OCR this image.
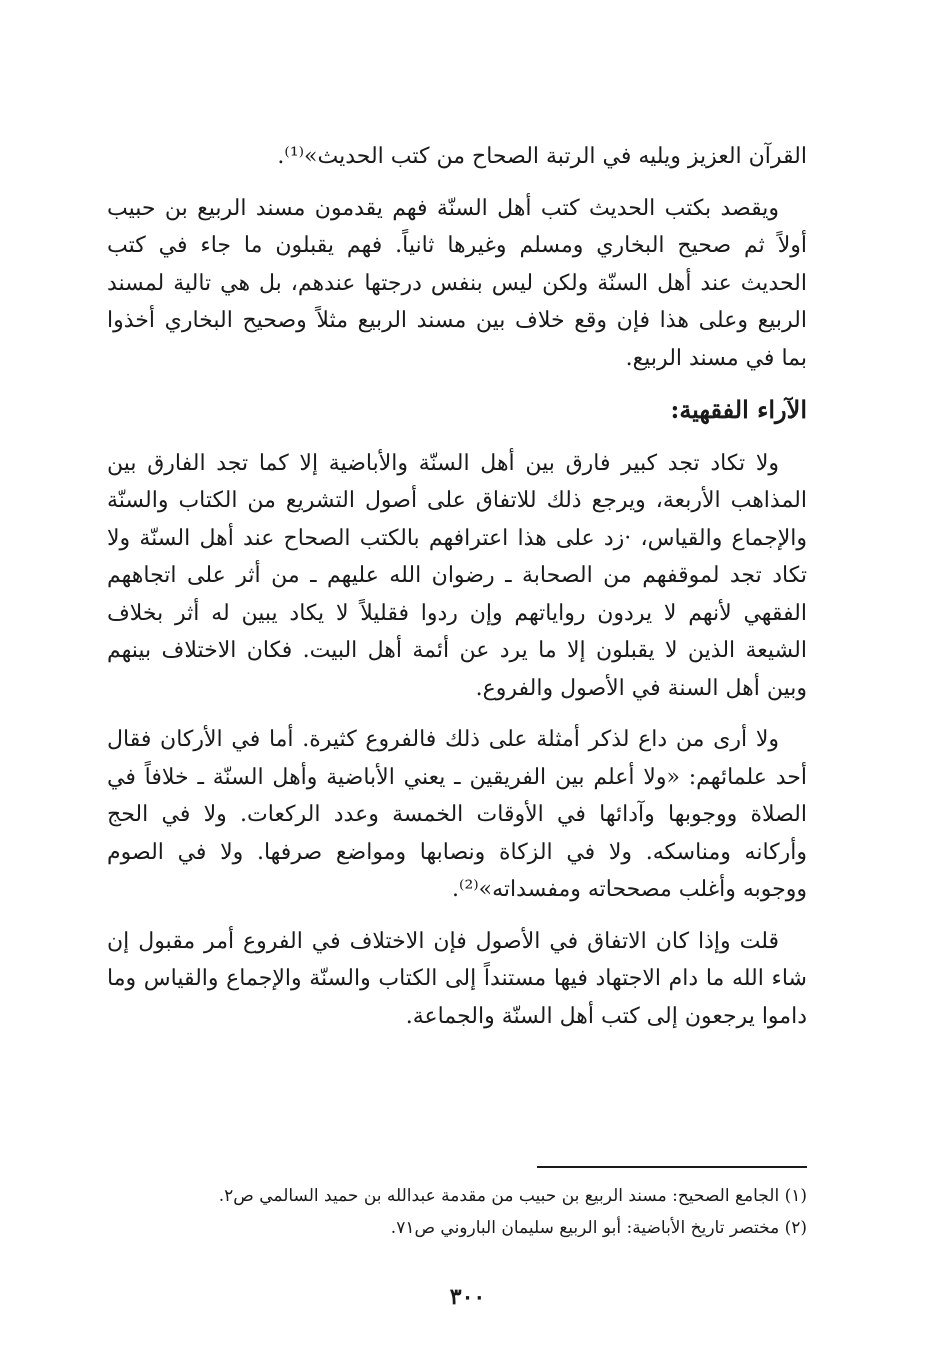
القرآن العزيز ويليه في الرتبة الصحاح من كتب الحديث»⁽¹⁾.

ويقصد بكتب الحديث كتب أهل السنّة فهم يقدمون مسند الربيع بن حبيب أولاً ثم صحيح البخاري ومسلم وغيرها ثانياً. فهم يقبلون ما جاء في كتب الحديث عند أهل السنّة ولكن ليس بنفس درجتها عندهم، بل هي تالية لمسند الربيع وعلى هذا فإن وقع خلاف بين مسند الربيع مثلاً وصحيح البخاري أخذوا بما في مسند الربيع.

الآراء الفقهية:

ولا تكاد تجد كبير فارق بين أهل السنّة والأباضية إلا كما تجد الفارق بين المذاهب الأربعة، ويرجع ذلك للاتفاق على أصول التشريع من الكتاب والسنّة والإجماع والقياس، ·زد على هذا اعترافهم بالكتب الصحاح عند أهل السنّة ولا تكاد تجد لموقفهم من الصحابة ـ رضوان الله عليهم ـ من أثر على اتجاههم الفقهي لأنهم لا يردون رواياتهم وإن ردوا فقليلاً لا يكاد يبين له أثر بخلاف الشيعة الذين لا يقبلون إلا ما يرد عن أئمة أهل البيت. فكان الاختلاف بينهم وبين أهل السنة في الأصول والفروع.

ولا أرى من داع لذكر أمثلة على ذلك فالفروع كثيرة. أما في الأركان فقال أحد علمائهم: «ولا أعلم بين الفريقين ـ يعني الأباضية وأهل السنّة ـ خلافاً في الصلاة ووجوبها وآدائها في الأوقات الخمسة وعدد الركعات. ولا في الحج وأركانه ومناسكه. ولا في الزكاة ونصابها ومواضع صرفها. ولا في الصوم ووجوبه وأغلب مصححاته ومفسداته»⁽²⁾.

قلت وإذا كان الاتفاق في الأصول فإن الاختلاف في الفروع أمر مقبول إن شاء الله ما دام الاجتهاد فيها مستنداً إلى الكتاب والسنّة والإجماع والقياس وما داموا يرجعون إلى كتب أهل السنّة والجماعة.

(١) الجامع الصحيح: مسند الربيع بن حبيب من مقدمة عبدالله بن حميد السالمي ص٢.

(٢) مختصر تاريخ الأباضية: أبو الربيع سليمان الباروني ص٧١.

٣٠٠
